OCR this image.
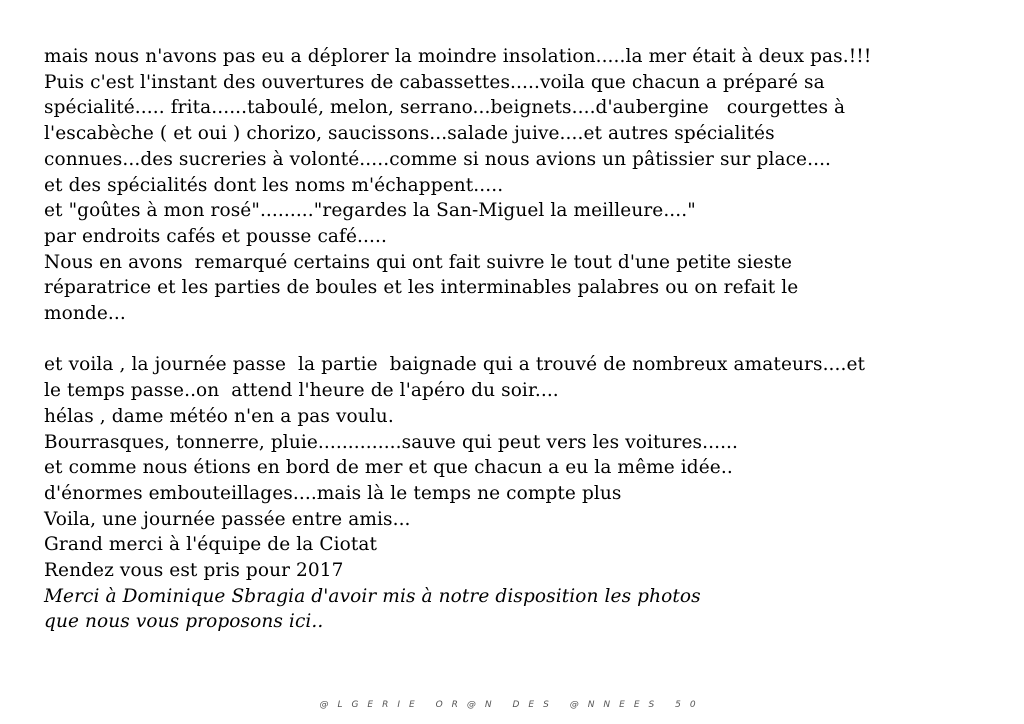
mais nous n'avons pas eu a déplorer la moindre insolation.....la mer était à deux pas.!!!
Puis c'est l'instant des ouvertures de cabassettes.....voila que chacun a préparé sa
spécialité..... frita......taboulé, melon, serrano...beignets....d'aubergine   courgettes à
l'escabèche ( et oui ) chorizo, saucissons...salade juive....et autres spécialités
connues...des sucreries à volonté.....comme si nous avions un pâtissier sur place....
et des spécialités dont les noms m'échappent.....
et "goûtes à mon rosé"........."regardes la San-Miguel la meilleure...."
par endroits cafés et pousse café.....
Nous en avons  remarqué certains qui ont fait suivre le tout d'une petite sieste
réparatrice et les parties de boules et les interminables palabres ou on refait le
monde...
et voila , la journée passe  la partie  baignade qui a trouvé de nombreux amateurs....et
le temps passe..on  attend l'heure de l'apéro du soir....
hélas , dame météo n'en a pas voulu.
Bourrasques, tonnerre, pluie..............sauve qui peut vers les voitures......
et comme nous étions en bord de mer et que chacun a eu la même idée..
d'énormes embouteillages....mais là le temps ne compte plus
Voila, une journée passée entre amis...
Grand merci à l'équipe de la Ciotat
Rendez vous est pris pour 2017
Merci à Dominique Sbragia d'avoir mis à notre disposition les photos
que nous vous proposons ici..
@LGERIE OR@N DES @NNEES 50
